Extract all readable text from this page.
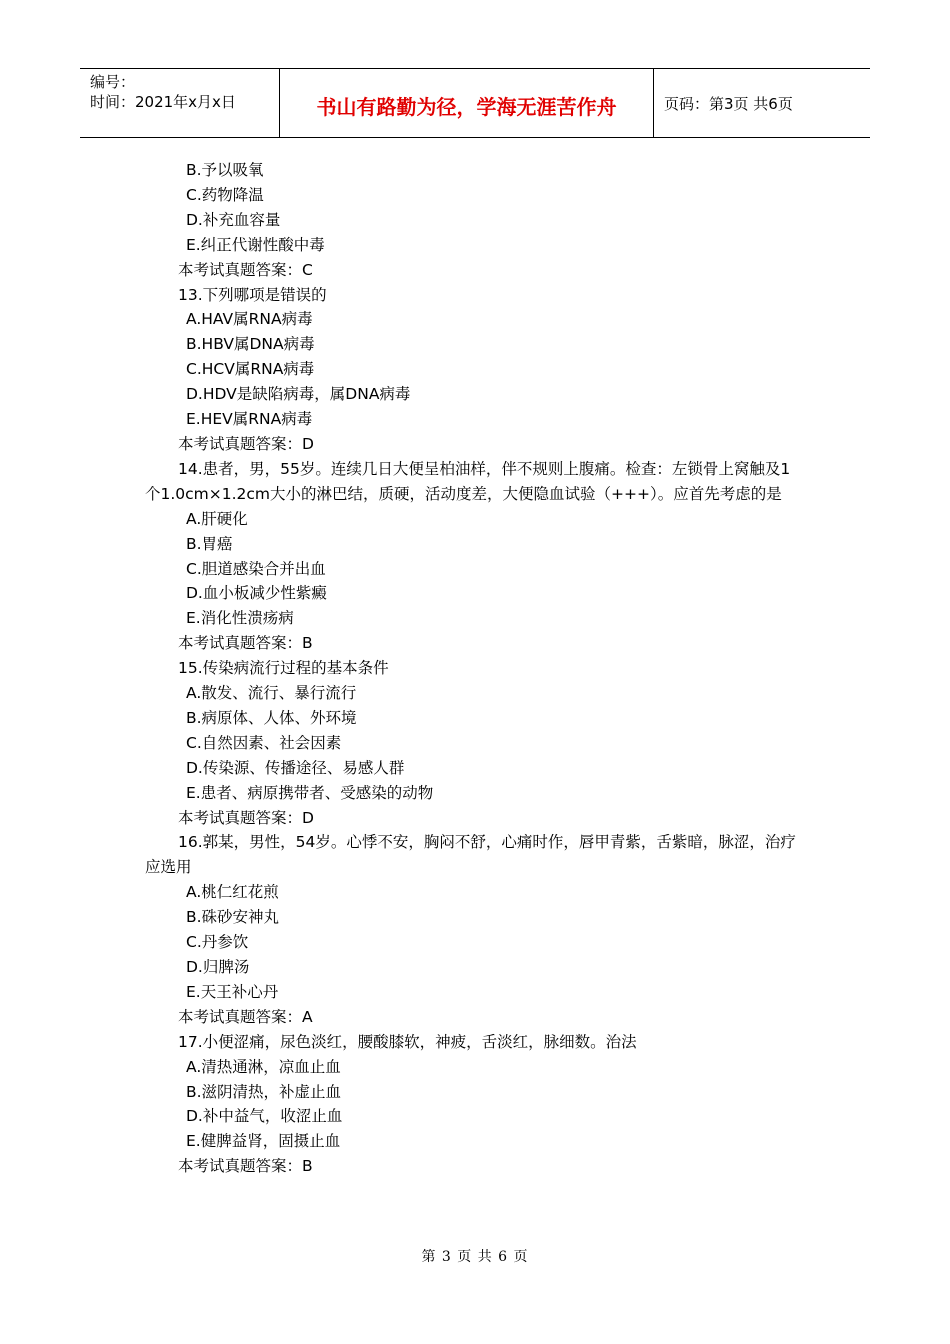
编号：
时间：2021年x月x日	书山有路勤为径，学海无涯苦作舟	页码：第3页 共6页
B.予以吸氧
C.药物降温
D.补充血容量
E.纠正代谢性酸中毒
本考试真题答案：C
13.下列哪项是错误的
A.HAV属RNA病毒
B.HBV属DNA病毒
C.HCV属RNA病毒
D.HDV是缺陷病毒，属DNA病毒
E.HEV属RNA病毒
本考试真题答案：D
14.患者，男，55岁。连续几日大便呈柏油样，伴不规则上腹痛。检查：左锁骨上窝触及1个1.0cm×1.2cm大小的淋巴结，质硬，活动度差，大便隐血试验（+++）。应首先考虑的是
A.肝硬化
B.胃癌
C.胆道感染合并出血
D.血小板减少性紫癜
E.消化性溃疡病
本考试真题答案：B
15.传染病流行过程的基本条件
A.散发、流行、暴行流行
B.病原体、人体、外环境
C.自然因素、社会因素
D.传染源、传播途径、易感人群
E.患者、病原携带者、受感染的动物
本考试真题答案：D
16.郭某，男性，54岁。心悸不安，胸闷不舒，心痛时作，唇甲青紫，舌紫暗，脉涩，治疗应选用
A.桃仁红花煎
B.硃砂安神丸
C.丹参饮
D.归脾汤
E.天王补心丹
本考试真题答案：A
17.小便涩痛，尿色淡红，腰酸膝软，神疲，舌淡红，脉细数。治法
A.清热通淋，凉血止血
B.滋阴清热，补虚止血
D.补中益气，收涩止血
E.健脾益肾，固摄止血
本考试真题答案：B
第 3 页 共 6 页
